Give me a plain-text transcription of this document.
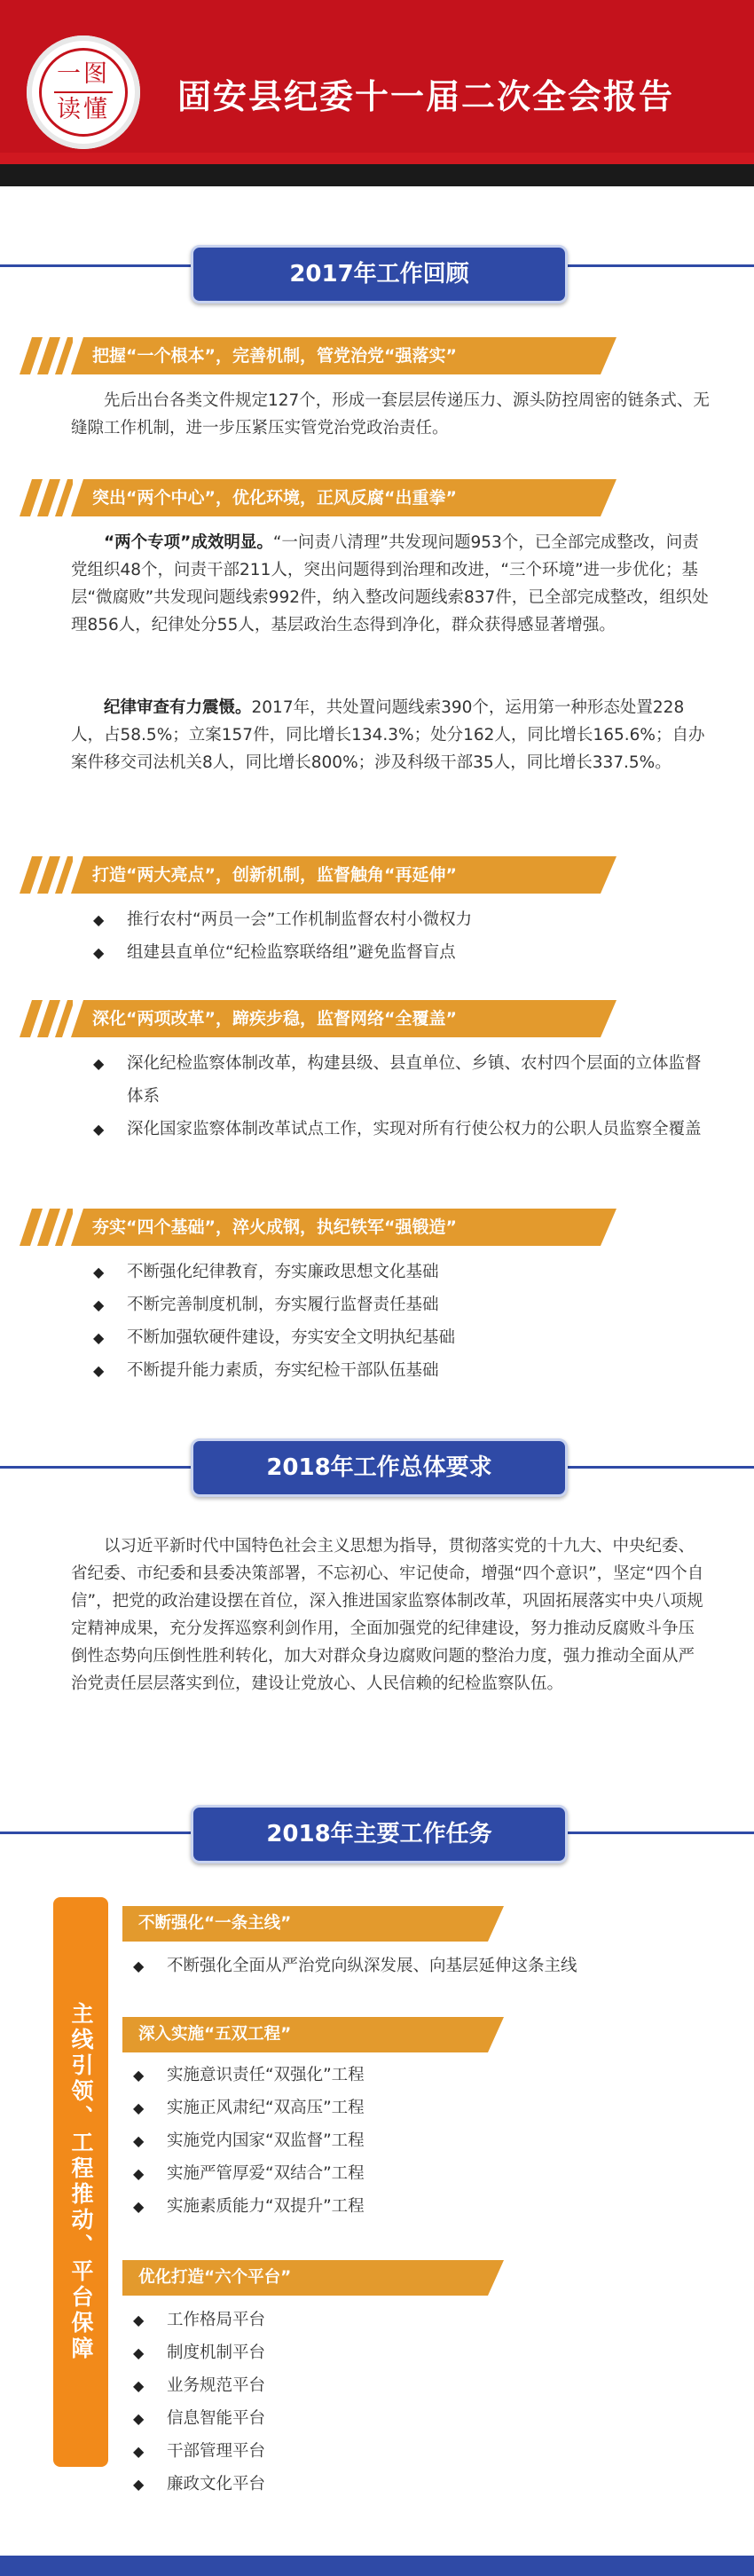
一图
读懂 固安县纪委十一届二次全会报告
2017年工作回顾
把握“一个根本”，完善机制，管党治党“强落实”
先后出台各类文件规定127个，形成一套层层传递压力、源头防控周密的链条式、无缝隙工作机制，进一步压紧压实管党治党政治责任。
突出“两个中心”，优化环境，正风反腐“出重拳”
“两个专项”成效明显。“一问责八清理”共发现问题953个，已全部完成整改，问责党组织48个，问责干部211人，突出问题得到治理和改进，“三个环境”进一步优化；基层“微腐败”共发现问题线索992件，纳入整改问题线索837件，已全部完成整改，组织处理856人，纪律处分55人，基层政治生态得到净化，群众获得感显著增强。
纪律审查有力震慑。2017年，共处置问题线索390个，运用第一种形态处置228人，占58.5%；立案157件，同比增长134.3%；处分162人，同比增长165.6%；自办案件移交司法机关8人，同比增长800%；涉及科级干部35人，同比增长337.5%。
打造“两大亮点”，创新机制，监督触角“再延伸”
◆ 推行农村“两员一会”工作机制监督农村小微权力
◆ 组建县直单位“纪检监察联络组”避免监督盲点
深化“两项改革”，蹄疾步稳，监督网络“全覆盖”
◆ 深化纪检监察体制改革，构建县级、县直单位、乡镇、农村四个层面的立体监督体系
◆ 深化国家监察体制改革试点工作，实现对所有行使公权力的公职人员监察全覆盖
夯实“四个基础”，淬火成钢，执纪铁军“强锻造”
◆ 不断强化纪律教育，夯实廉政思想文化基础
◆ 不断完善制度机制，夯实履行监督责任基础
◆ 不断加强软硬件建设，夯实安全文明执纪基础
◆ 不断提升能力素质，夯实纪检干部队伍基础
2018年工作总体要求
以习近平新时代中国特色社会主义思想为指导，贯彻落实党的十九大、中央纪委、省纪委、市纪委和县委决策部署，不忘初心、牢记使命，增强“四个意识”，坚定“四个自信”，把党的政治建设摆在首位，深入推进国家监察体制改革，巩固拓展落实中央八项规定精神成果，充分发挥巡察利剑作用，全面加强党的纪律建设，努力推动反腐败斗争压倒性态势向压倒性胜利转化，加大对群众身边腐败问题的整治力度，强力推动全面从严治党责任层层落实到位，建设让党放心、人民信赖的纪检监察队伍。
2018年主要工作任务
主线引领、工程推动、平台保障
不断强化“一条主线”
◆ 不断强化全面从严治党向纵深发展、向基层延伸这条主线
深入实施“五双工程”
◆ 实施意识责任“双强化”工程
◆ 实施正风肃纪“双高压”工程
◆ 实施党内国家“双监督”工程
◆ 实施严管厚爱“双结合”工程
◆ 实施素质能力“双提升”工程
优化打造“六个平台”
◆ 工作格局平台
◆ 制度机制平台
◆ 业务规范平台
◆ 信息智能平台
◆ 干部管理平台
◆ 廉政文化平台
